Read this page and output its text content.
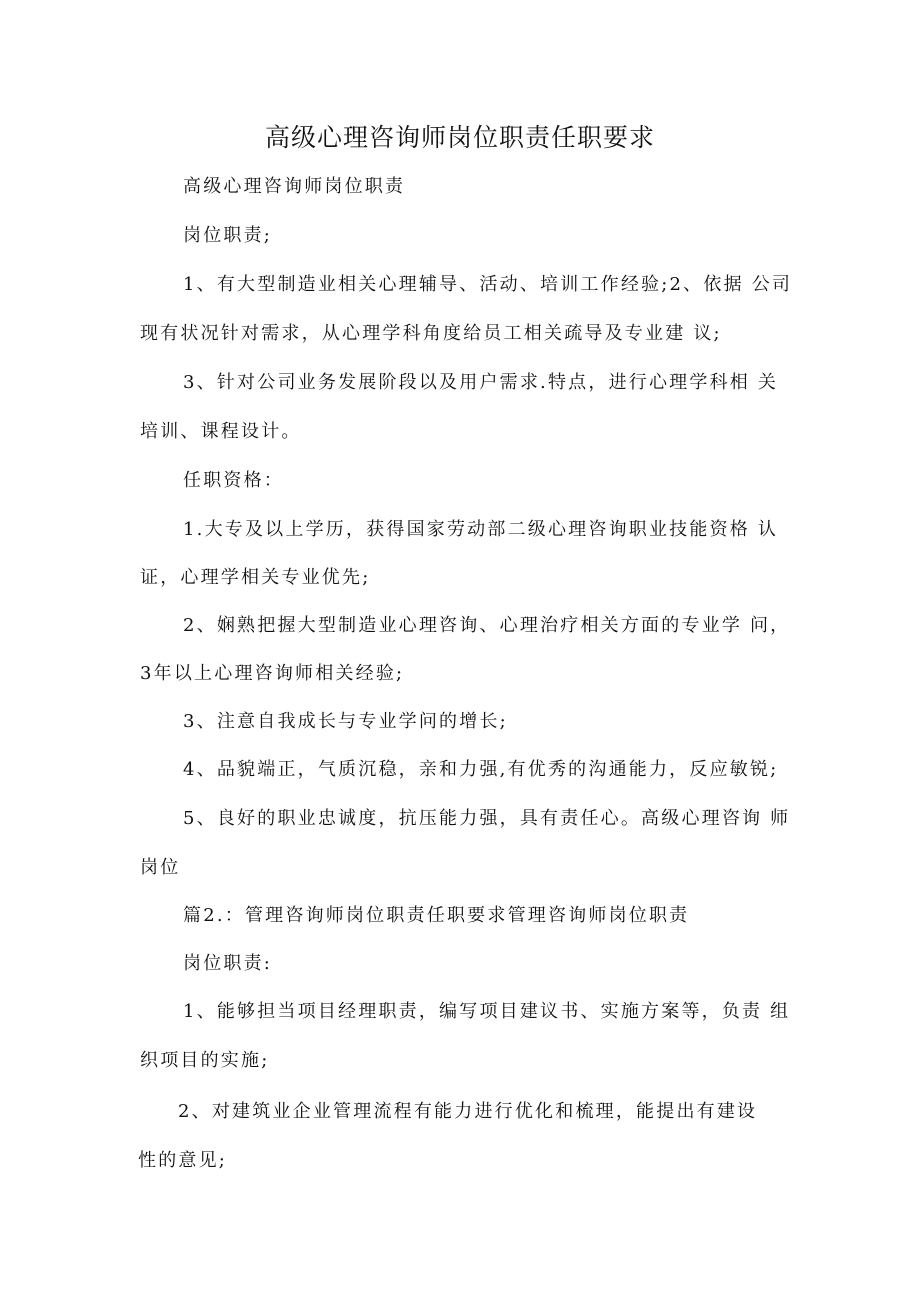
高级心理咨询师岗位职责任职要求
高级心理咨询师岗位职责
岗位职责;
1、有大型制造业相关心理辅导、活动、培训工作经验;2、依据 公司
现有状况针对需求，从心理学科角度给员工相关疏导及专业建 议;
3、针对公司业务发展阶段以及用户需求.特点，进行心理学科相 关
培训、课程设计。
任职资格：
1.大专及以上学历，获得国家劳动部二级心理咨询职业技能资格 认
证，心理学相关专业优先;
2、娴熟把握大型制造业心理咨询、心理治疗相关方面的专业学 问，
3年以上心理咨询师相关经验;
3、注意自我成长与专业学问的增长;
4、品貌端正，气质沉稳，亲和力强,有优秀的沟通能力，反应敏锐;
5、良好的职业忠诚度，抗压能力强，具有责任心。高级心理咨询 师
岗位
篇2.：管理咨询师岗位职责任职要求管理咨询师岗位职责
岗位职责:
1、能够担当项目经理职责，编写项目建议书、实施方案等，负责 组
织项目的实施;
2、对建筑业企业管理流程有能力进行优化和梳理，能提出有建设
性的意见;
